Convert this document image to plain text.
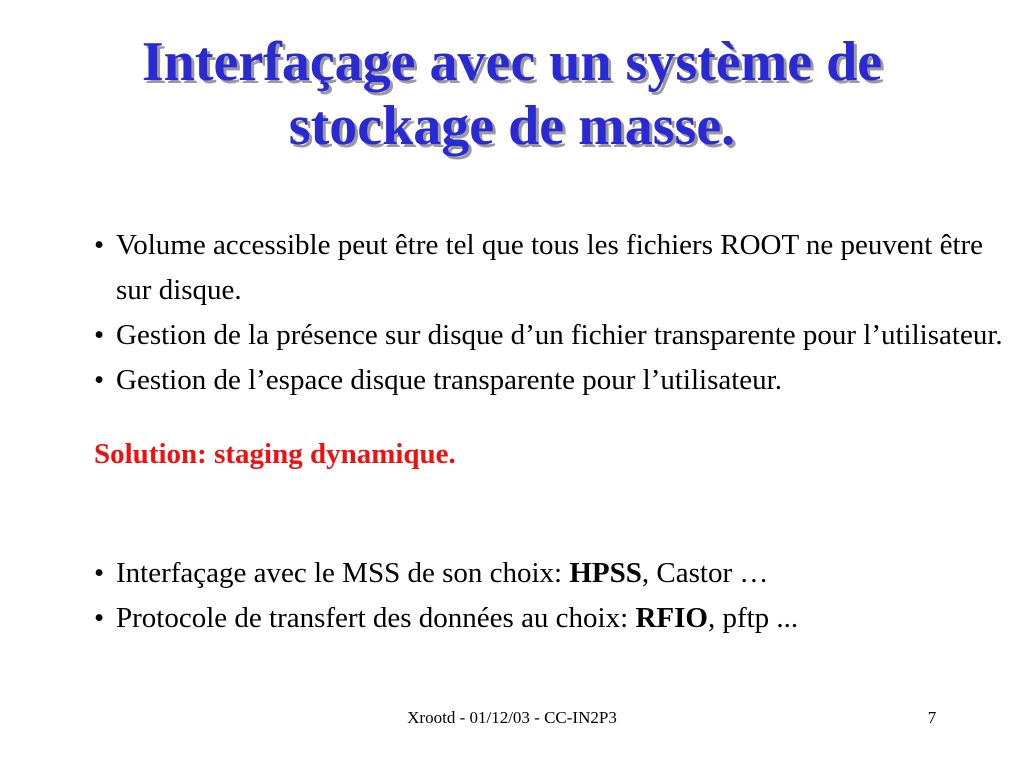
Interfaçage avec un système de
stockage de masse.

• Volume accessible peut être tel que tous les fichiers ROOT ne peuvent être sur disque.

• Gestion de la présence sur disque d’un fichier transparente pour l’utilisateur.

• Gestion de l’espace disque transparente pour l’utilisateur.

Solution: staging dynamique.

• Interfaçage avec le MSS de son choix: HPSS, Castor …

• Protocole de transfert des données au choix: RFIO, pftp ...

Xrootd - 01/12/03 - CC-IN2P3	7
